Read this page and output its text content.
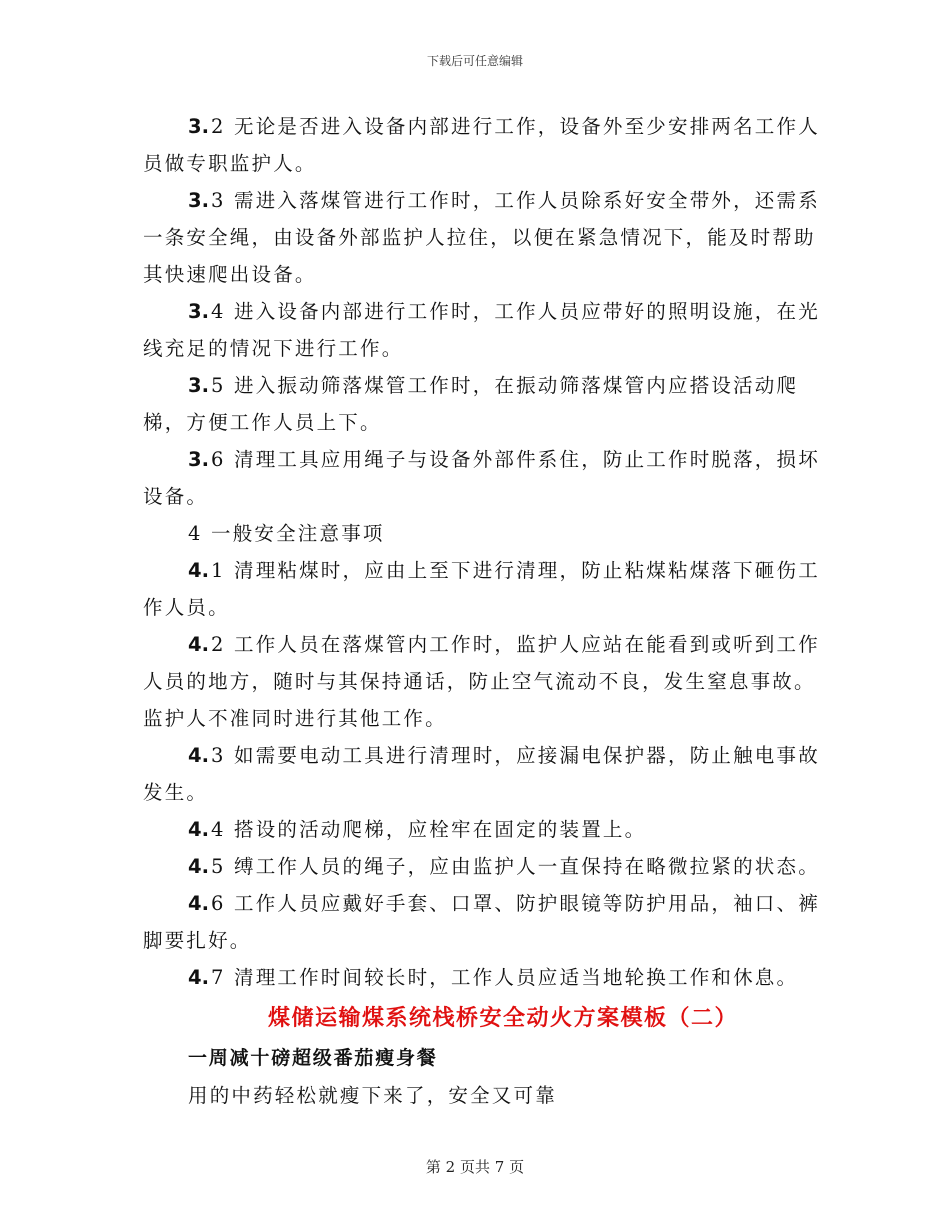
下载后可任意编辑

3. 2 无论是否进入设备内部进行工作，设备外至少安排两名工作人员做专职监护人。

3. 3 需进入落煤管进行工作时，工作人员除系好安全带外，还需系一条安全绳，由设备外部监护人拉住，以便在紧急情况下，能及时帮助其快速爬出设备。

3. 4 进入设备内部进行工作时，工作人员应带好的照明设施，在光线充足的情况下进行工作。

3. 5 进入振动筛落煤管工作时，在振动筛落煤管内应搭设活动爬梯，方便工作人员上下。

3. 6 清理工具应用绳子与设备外部件系住，防止工作时脱落，损坏设备。

4 一般安全注意事项

4. 1 清理粘煤时，应由上至下进行清理，防止粘煤粘煤落下砸伤工作人员。

4. 2 工作人员在落煤管内工作时，监护人应站在能看到或听到工作人员的地方，随时与其保持通话，防止空气流动不良，发生窒息事故。监护人不准同时进行其他工作。

4. 3 如需要电动工具进行清理时，应接漏电保护器，防止触电事故发生。

4. 4 搭设的活动爬梯，应栓牢在固定的装置上。

4. 5 缚工作人员的绳子，应由监护人一直保持在略微拉紧的状态。

4. 6 工作人员应戴好手套、口罩、防护眼镜等防护用品，袖口、裤脚要扎好。

4. 7 清理工作时间较长时，工作人员应适当地轮换工作和休息。

煤储运输煤系统栈桥安全动火方案模板（二）

一周减十磅超级番茄瘦身餐

用的中药轻松就瘦下来了，安全又可靠

第 2 页共 7 页
